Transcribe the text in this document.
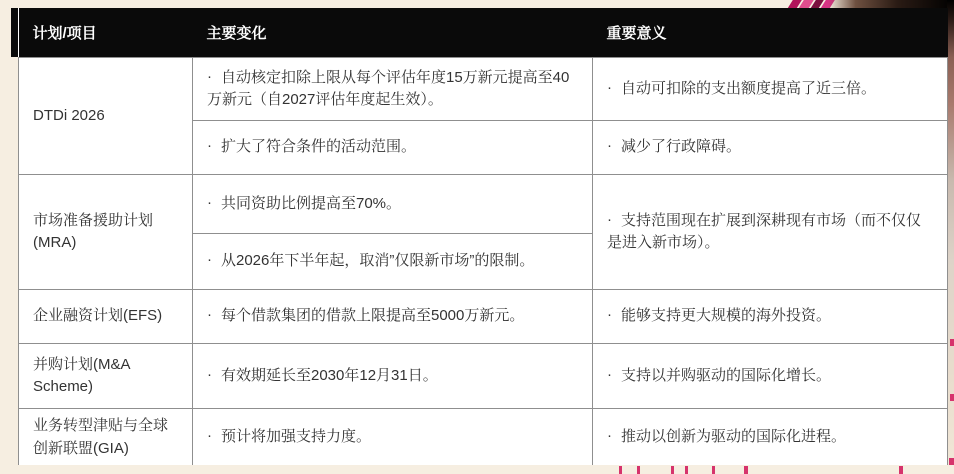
计划/项目	主要变化	重要意义
DTDi 2026	· 自动核定扣除上限从每个评估年度15万新元提高至40万新元（自2027评估年度起生效）。	· 自动可扣除的支出额度提高了近三倍。
	· 扩大了符合条件的活动范围。	· 减少了行政障碍。
市场准备援助计划(MRA)	· 共同资助比例提高至70%。	· 支持范围现在扩展到深耕现有市场（而不仅仅是进入新市场）。
	· 从2026年下半年起，取消”仅限新市场”的限制。	
企业融资计划(EFS)	· 每个借款集团的借款上限提高至5000万新元。	· 能够支持更大规模的海外投资。
并购计划(M&A Scheme)	· 有效期延长至2030年12月31日。	· 支持以并购驱动的国际化增长。
业务转型津贴与全球创新联盟(GIA)	· 预计将加强支持力度。	· 推动以创新为驱动的国际化进程。
